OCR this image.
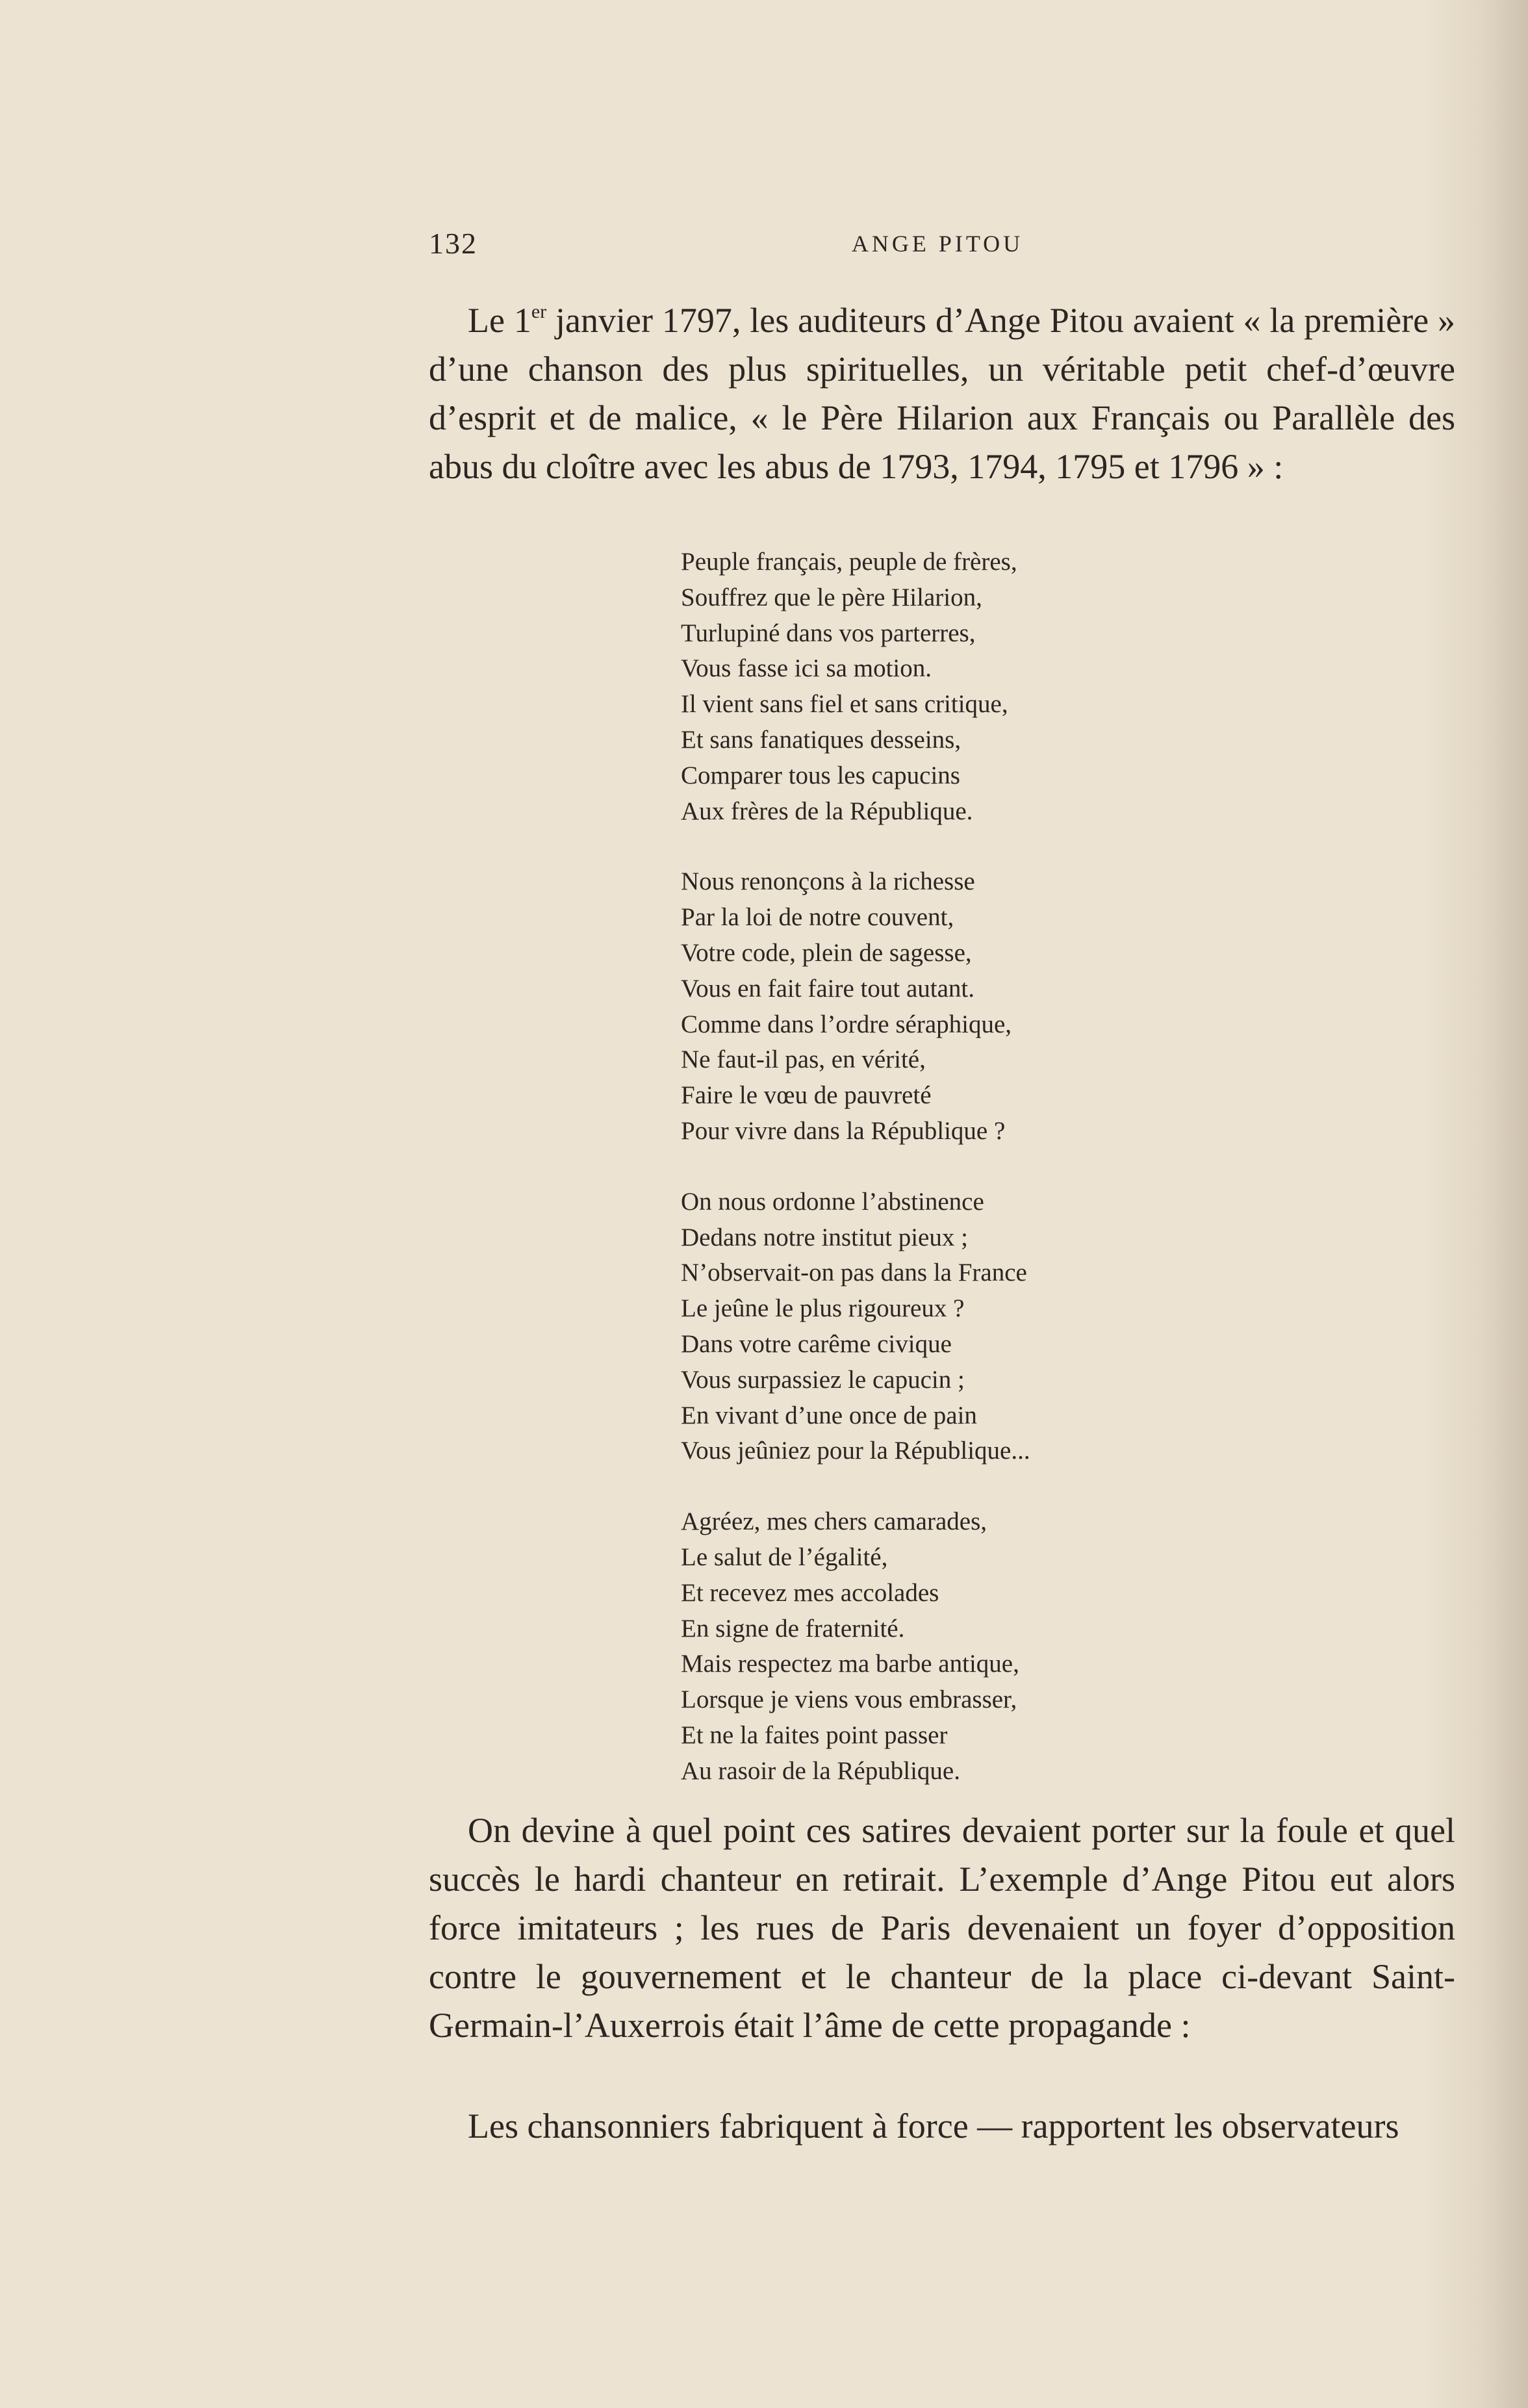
132	ANGE PITOU

Le 1er janvier 1797, les auditeurs d’Ange Pitou avaient « la première » d’une chanson des plus spirituelles, un véritable petit chef-d’œuvre d’esprit et de malice, « le Père Hilarion aux Français ou Parallèle des abus du cloître avec les abus de 1793, 1794, 1795 et 1796 » :

Peuple français, peuple de frères,
Souffrez que le père Hilarion,
Turlupiné dans vos parterres,
Vous fasse ici sa motion.
Il vient sans fiel et sans critique,
Et sans fanatiques desseins,
Comparer tous les capucins
Aux frères de la République.
Nous renonçons à la richesse
Par la loi de notre couvent,
Votre code, plein de sagesse,
Vous en fait faire tout autant.
Comme dans l’ordre séraphique,
Ne faut-il pas, en vérité,
Faire le vœu de pauvreté
Pour vivre dans la République ?
On nous ordonne l’abstinence
Dedans notre institut pieux ;
N’observait-on pas dans la France
Le jeûne le plus rigoureux ?
Dans votre carême civique
Vous surpassiez le capucin ;
En vivant d’une once de pain
Vous jeûniez pour la République...
Agréez, mes chers camarades,
Le salut de l’égalité,
Et recevez mes accolades
En signe de fraternité.
Mais respectez ma barbe antique,
Lorsque je viens vous embrasser,
Et ne la faites point passer
Au rasoir de la République.

On devine à quel point ces satires devaient porter sur la foule et quel succès le hardi chanteur en retirait. L’exemple d’Ange Pitou eut alors force imitateurs ; les rues de Paris devenaient un foyer d’opposition contre le gouvernement et le chanteur de la place ci-devant Saint-Germain-l’Auxerrois était l’âme de cette propagande :

Les chansonniers fabriquent à force — rapportent les observateurs
